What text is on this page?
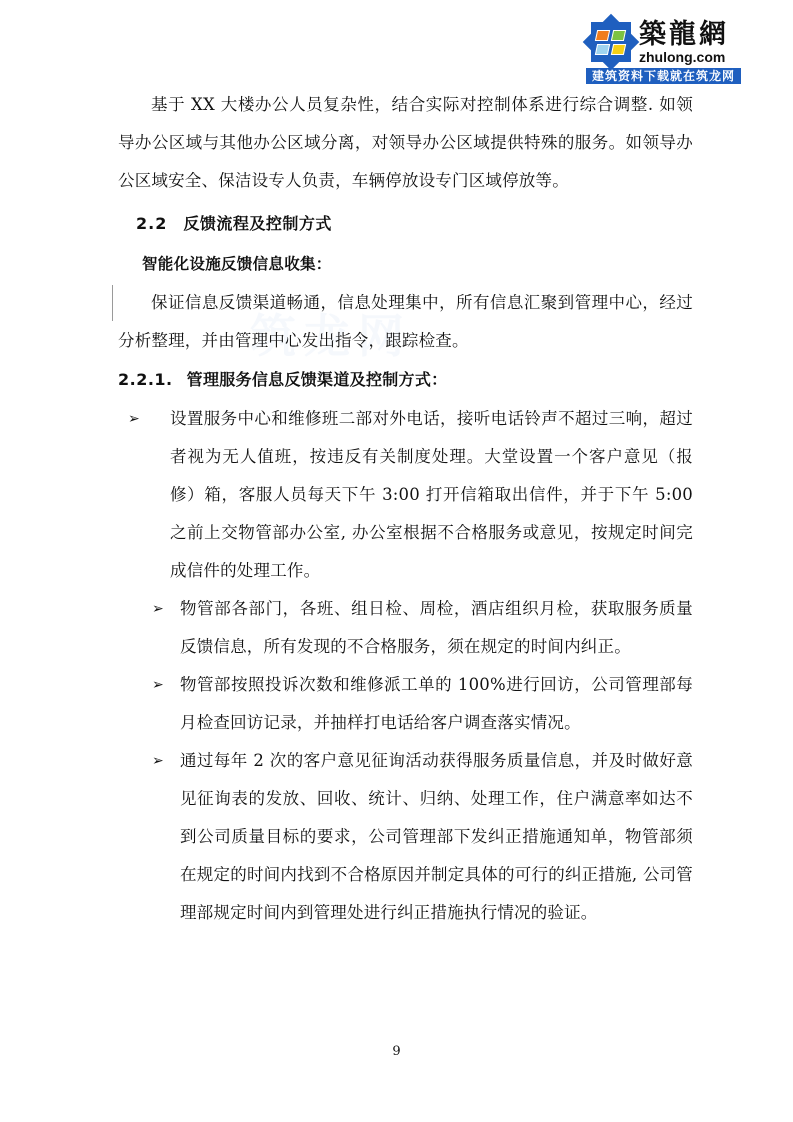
築龍網
zhulong.com
建筑资料下载就在筑龙网

基于 XX 大楼办公人员复杂性，结合实际对控制体系进行综合调整. 如领导办公区域与其他办公区域分离，对领导办公区域提供特殊的服务。如领导办公区域安全、保洁设专人负责，车辆停放设专门区域停放等。

2.2 反馈流程及控制方式

智能化设施反馈信息收集：

保证信息反馈渠道畅通，信息处理集中，所有信息汇聚到管理中心，经过分析整理，并由管理中心发出指令，跟踪检查。

2.2.1. 管理服务信息反馈渠道及控制方式：
➢ 设置服务中心和维修班二部对外电话，接听电话铃声不超过三响，超过者视为无人值班，按违反有关制度处理。大堂设置一个客户意见（报修）箱，客服人员每天下午 3:00 打开信箱取出信件，并于下午 5:00 之前上交物管部办公室, 办公室根据不合格服务或意见，按规定时间完成信件的处理工作。
➢ 物管部各部门，各班、组日检、周检，酒店组织月检，获取服务质量反馈信息，所有发现的不合格服务，须在规定的时间内纠正。
➢ 物管部按照投诉次数和维修派工单的 100%进行回访，公司管理部每月检查回访记录，并抽样打电话给客户调查落实情况。
➢ 通过每年 2 次的客户意见征询活动获得服务质量信息，并及时做好意见征询表的发放、回收、统计、归纳、处理工作，住户满意率如达不到公司质量目标的要求，公司管理部下发纠正措施通知单，物管部须在规定的时间内找到不合格原因并制定具体的可行的纠正措施, 公司管理部规定时间内到管理处进行纠正措施执行情况的验证。
9
